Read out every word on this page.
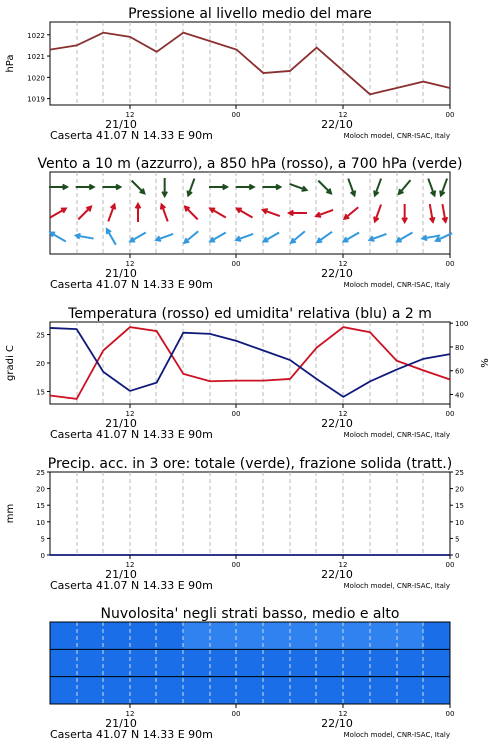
Pressione al livello medio del mare
1019
1020
1021
1022
hPa
12	00	12	00
21/10	22/10
Caserta 41.07 N 14.33 E 90m	Moloch model, CNR-ISAC, Italy
Vento a 10 m (azzurro), a 850 hPa (rosso), a 700 hPa (verde)
12	00	12	00
21/10	22/10
Caserta 41.07 N 14.33 E 90m	Moloch model, CNR-ISAC, Italy
Temperatura (rosso) ed umidita' relativa (blu) a 2 m
15
20
25
40
60
80
100
gradi C	%
12	00	12	00
21/10	22/10
Caserta 41.07 N 14.33 E 90m	Moloch model, CNR-ISAC, Italy
Precip. acc. in 3 ore: totale (verde), frazione solida (tratt.)
0
5
10
15
20
25
0
5
10
15
20
25
mm
12	00	12	00
21/10	22/10
Caserta 41.07 N 14.33 E 90m	Moloch model, CNR-ISAC, Italy
Nuvolosita' negli strati basso, medio e alto
12	00	12	00
21/10	22/10
Caserta 41.07 N 14.33 E 90m	Moloch model, CNR-ISAC, Italy
